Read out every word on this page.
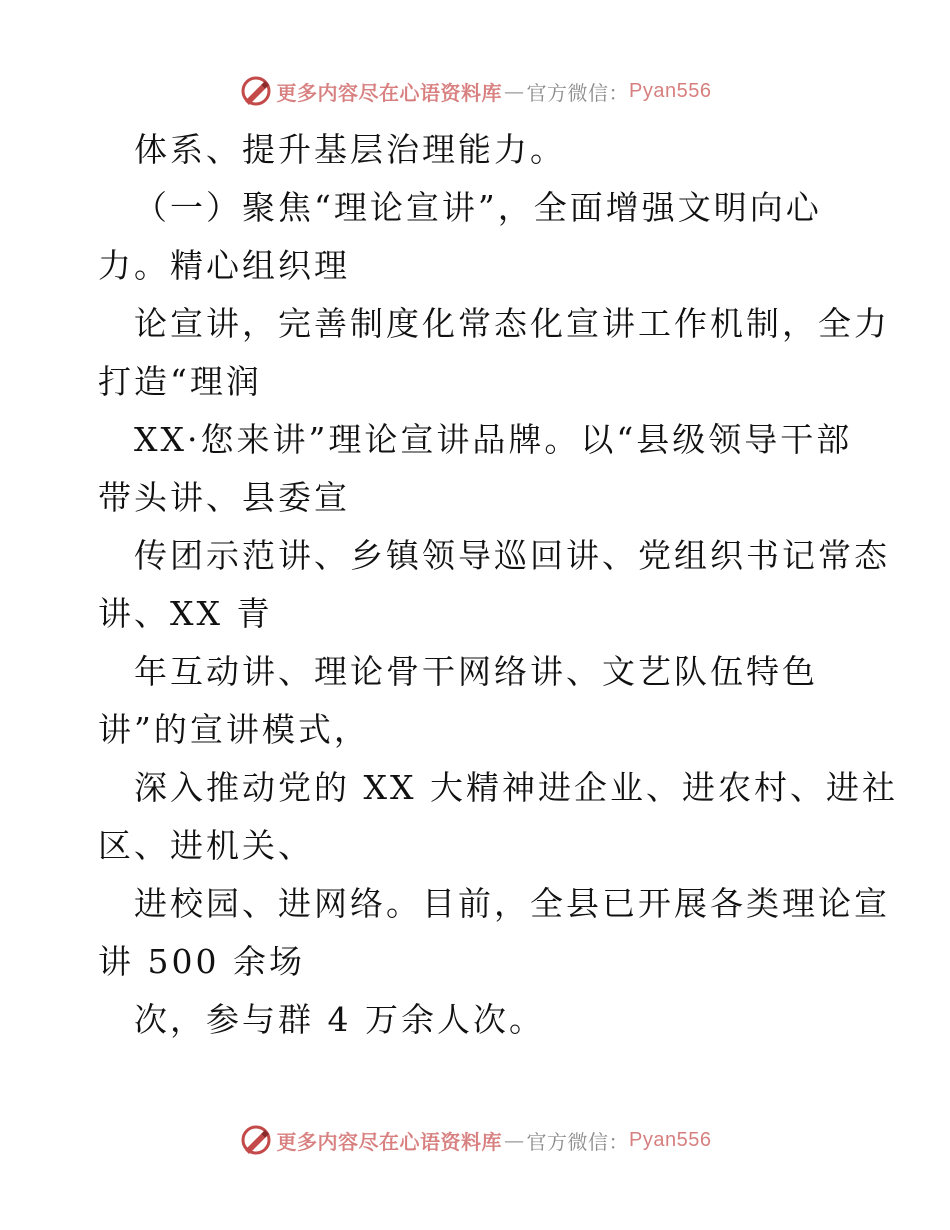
更多内容尽在心语资料库 — 官方微信： Pyan556
体系、提升基层治理能力。
（一）聚焦“理论宣讲”，全面增强文明向心
力。精心组织理
论宣讲，完善制度化常态化宣讲工作机制，全力
打造“理润
XX·您来讲”理论宣讲品牌。以“县级领导干部
带头讲、县委宣
传团示范讲、乡镇领导巡回讲、党组织书记常态
讲、XX 青
年互动讲、理论骨干网络讲、文艺队伍特色
讲”的宣讲模式，
深入推动党的 XX 大精神进企业、进农村、进社
区、进机关、
进校园、进网络。目前，全县已开展各类理论宣
讲 500 余场
次，参与群 4 万余人次。
更多内容尽在心语资料库 — 官方微信： Pyan556
